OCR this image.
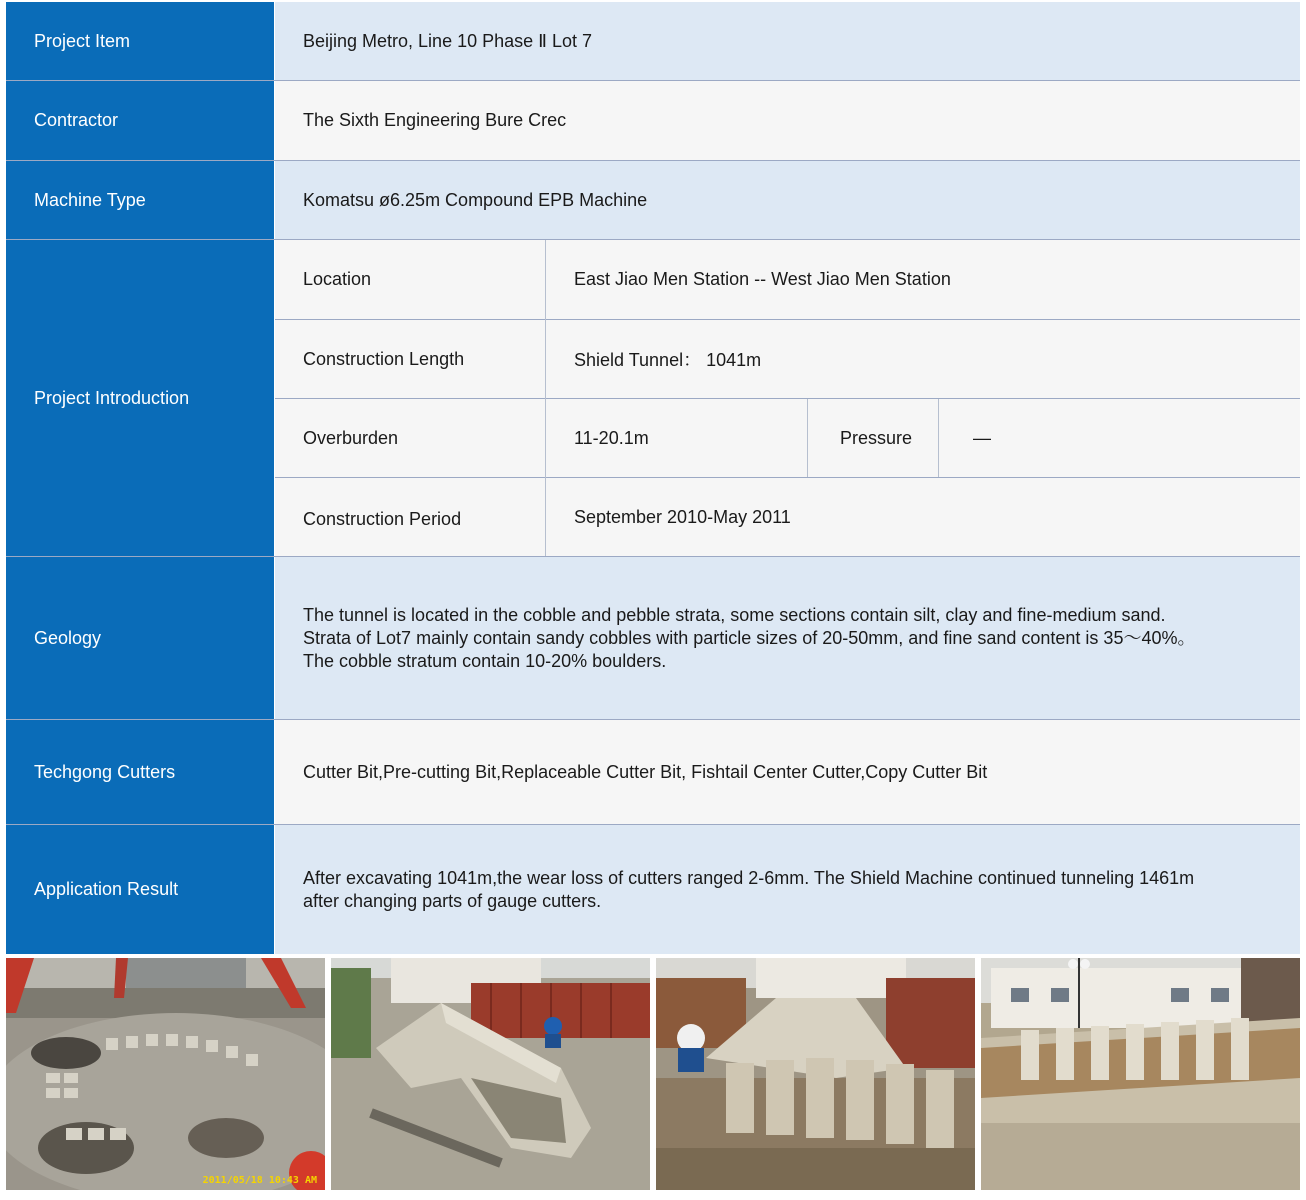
Project Item	Beijing Metro, Line 10 Phase Ⅱ Lot 7
Contractor	The Sixth Engineering Bure Crec
Machine Type	Komatsu ø6.25m Compound EPB Machine
Project Introduction
Location	East Jiao Men Station -- West Jiao Men Station
Construction Length	Shield Tunnel： 1041m
Overburden	11-20.1m	Pressure	—
Construction Period	September 2010-May 2011
Geology
The tunnel is located in the cobble and pebble strata, some sections contain silt, clay and fine-medium sand.
Strata of Lot7 mainly contain sandy cobbles with particle sizes of 20-50mm, and fine sand content is 35～40%。
The cobble stratum contain 10-20% boulders.
Techgong Cutters	Cutter Bit,Pre-cutting Bit,Replaceable Cutter Bit, Fishtail Center Cutter,Copy Cutter Bit
Application Result
After excavating 1041m,the wear loss of cutters ranged 2-6mm. The Shield Machine continued tunneling 1461m
after changing parts of gauge cutters.
2011/05/18 10:43 AM
